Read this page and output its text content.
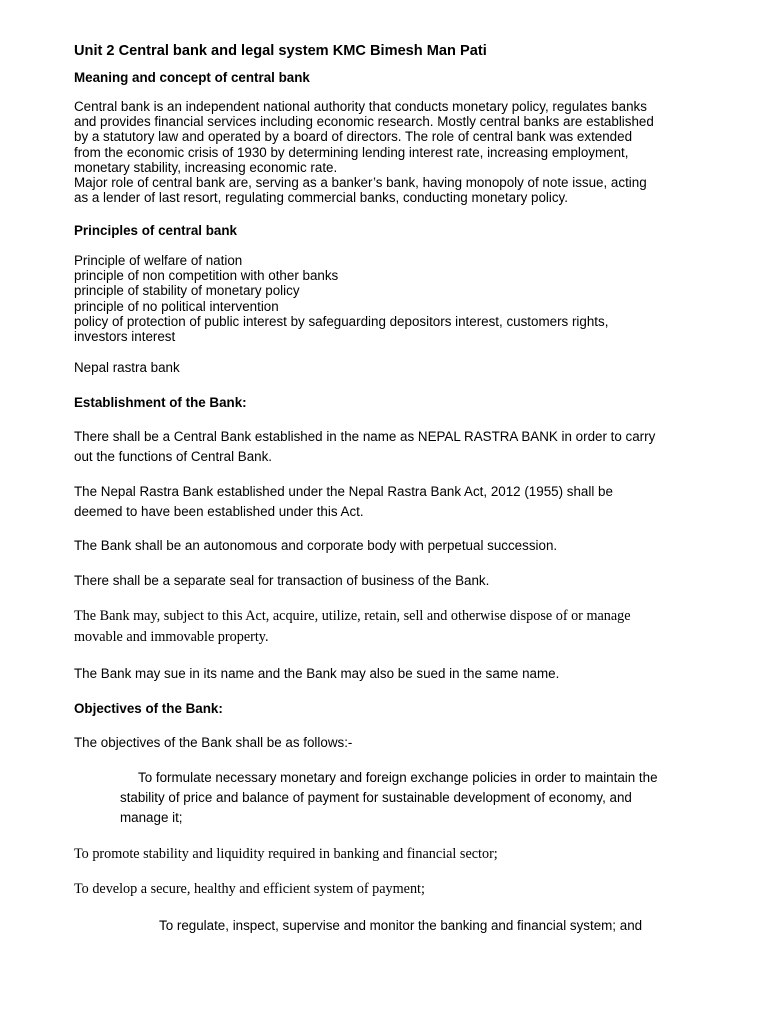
Unit 2 Central bank and legal system KMC Bimesh Man Pati

Meaning and concept of central bank

Central bank is an independent national authority that conducts monetary policy, regulates banks
and provides financial services including economic research. Mostly central banks are established
by a statutory law and operated by a board of directors. The role of central bank was extended
from the economic crisis of 1930 by determining lending interest rate, increasing employment,
monetary stability, increasing economic rate.
Major role of central bank are, serving as a banker’s bank, having monopoly of note issue, acting
as a lender of last resort, regulating commercial banks, conducting monetary policy.

Principles of central bank

Principle of welfare of nation
principle of non competition with other banks
principle of stability of monetary policy
principle of no political intervention
policy of protection of public interest by safeguarding depositors interest, customers rights,
investors interest

Nepal rastra bank

Establishment of the Bank:

There shall be a Central Bank established in the name as NEPAL RASTRA BANK in order to carry
out the functions of Central Bank.
The Nepal Rastra Bank established under the Nepal Rastra Bank Act, 2012 (1955) shall be
deemed to have been established under this Act.

The Bank shall be an autonomous and corporate body with perpetual succession.

There shall be a separate seal for transaction of business of the Bank.

The Bank may, subject to this Act, acquire, utilize, retain, sell and otherwise dispose of or manage
movable and immovable property.

The Bank may sue in its name and the Bank may also be sued in the same name.

Objectives of the Bank:

The objectives of the Bank shall be as follows:-

To formulate necessary monetary and foreign exchange policies in order to maintain the
stability of price and balance of payment for sustainable development of economy, and
manage it;

To promote stability and liquidity required in banking and financial sector;

To develop a secure, healthy and efficient system of payment;

To regulate, inspect, supervise and monitor the banking and financial system; and
